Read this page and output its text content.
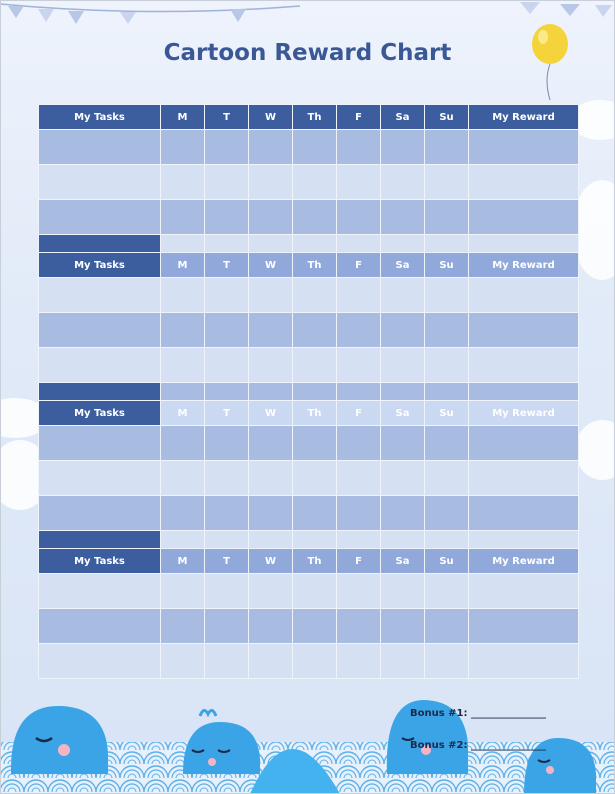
Cartoon Reward Chart
My Tasks	M	T	W	Th	F	Sa	Su	My Reward

My Tasks	M	T	W	Th	F	Sa	Su	My Reward

My Tasks	M	T	W	Th	F	Sa	Su	My Reward

My Tasks	M	T	W	Th	F	Sa	Su	My Reward

Bonus #1: _______________
Bonus #2: _______________
